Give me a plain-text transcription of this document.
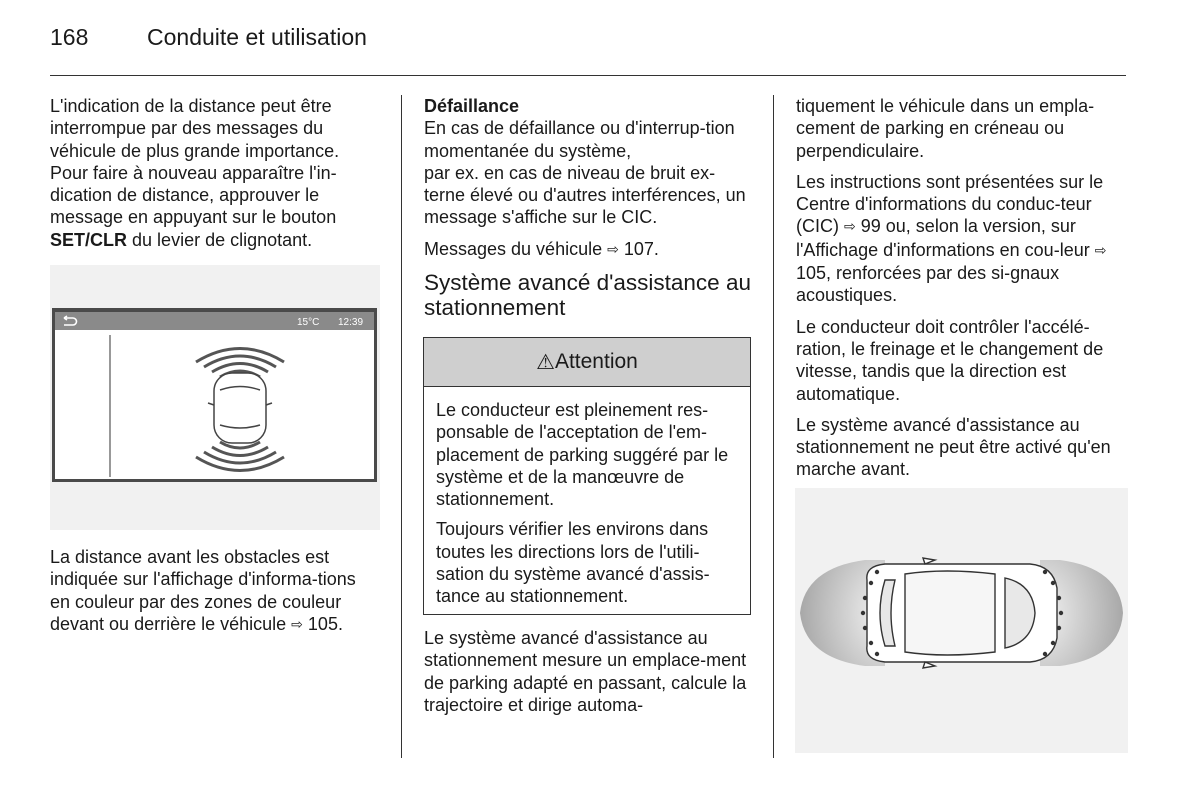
168	Conduite et utilisation

L'indication de la distance peut être interrompue par des messages du véhicule de plus grande importance. Pour faire à nouveau apparaître l'in-dication de distance, approuver le message en appuyant sur le bouton SET/CLR du levier de clignotant.

15°C 12:39

La distance avant les obstacles est indiquée sur l'affichage d'informa-tions en couleur par des zones de couleur devant ou derrière le véhicule ⇨ 105.

Défaillance

En cas de défaillance ou d'interrup-tion momentanée du système,

par ex. en cas de niveau de bruit ex-terne élevé ou d'autres interférences, un message s'affiche sur le CIC.

Messages du véhicule ⇨ 107.

Système avancé d'assistance au stationnement
⚠ Attention

Le conducteur est pleinement res-ponsable de l'acceptation de l'em-placement de parking suggéré par le système et de la manœuvre de stationnement.

Toujours vérifier les environs dans toutes les directions lors de l'utili-sation du système avancé d'assis-tance au stationnement.

Le système avancé d'assistance au stationnement mesure un emplace-ment de parking adapté en passant, calcule la trajectoire et dirige automa-

tiquement le véhicule dans un empla-cement de parking en créneau ou perpendiculaire.

Les instructions sont présentées sur le Centre d'informations du conduc-teur (CIC) ⇨ 99 ou, selon la version, sur l'Affichage d'informations en cou-leur ⇨ 105, renforcées par des si-gnaux acoustiques.

Le conducteur doit contrôler l'accélé-ration, le freinage et le changement de vitesse, tandis que la direction est automatique.

Le système avancé d'assistance au stationnement ne peut être activé qu'en marche avant.
